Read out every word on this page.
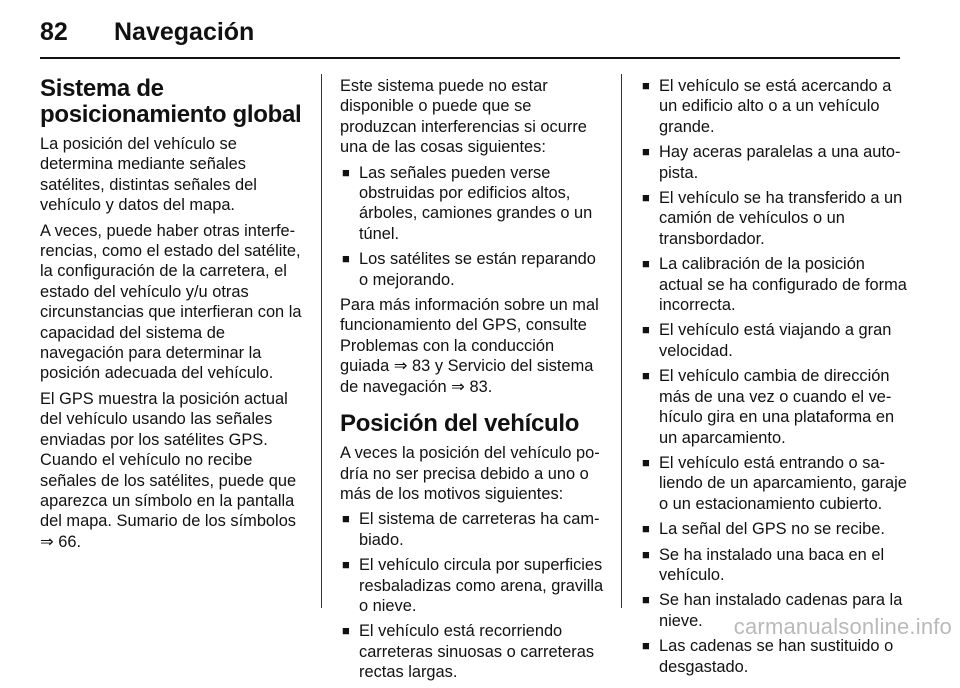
82 Navegación
Sistema de posicionamiento global

La posición del vehículo se determina mediante señales satélites, distintas señales del vehículo y datos del mapa.

A veces, puede haber otras interferencias, como el estado del satélite, la configuración de la carretera, el estado del vehículo y/u otras circunstancias que interfieran con la capacidad del sistema de navegación para determinar la posición adecuada del vehículo.

El GPS muestra la posición actual del vehículo usando las señales enviadas por los satélites GPS. Cuando el vehículo no recibe señales de los satélites, puede que aparezca un símbolo en la pantalla del mapa. Sumario de los símbolos ⇒ 66.

Este sistema puede no estar disponible o puede que se produzcan interferencias si ocurre una de las cosas siguientes:

■ Las señales pueden verse obstruidas por edificios altos, árboles, camiones grandes o un túnel.
■ Los satélites se están reparando o mejorando.

Para más información sobre un mal funcionamiento del GPS, consulte Problemas con la conducción guiada ⇒ 83 y Servicio del sistema de navegación ⇒ 83.

Posición del vehículo

A veces la posición del vehículo podría no ser precisa debido a uno o más de los motivos siguientes:

■ El sistema de carreteras ha cambiado.
■ El vehículo circula por superficies resbaladizas como arena, gravilla o nieve.
■ El vehículo está recorriendo carreteras sinuosas o carreteras rectas largas.
■ El vehículo se está acercando a un edificio alto o a un vehículo grande.
■ Hay aceras paralelas a una autopista.
■ El vehículo se ha transferido a un camión de vehículos o un transbordador.
■ La calibración de la posición actual se ha configurado de forma incorrecta.
■ El vehículo está viajando a gran velocidad.
■ El vehículo cambia de dirección más de una vez o cuando el vehículo gira en una plataforma en un aparcamiento.
■ El vehículo está entrando o saliendo de un aparcamiento, garaje o un estacionamiento cubierto.
■ La señal del GPS no se recibe.
■ Se ha instalado una baca en el vehículo.
■ Se han instalado cadenas para la nieve.
■ Las cadenas se han sustituido o desgastado.
carmanualsonline.info
